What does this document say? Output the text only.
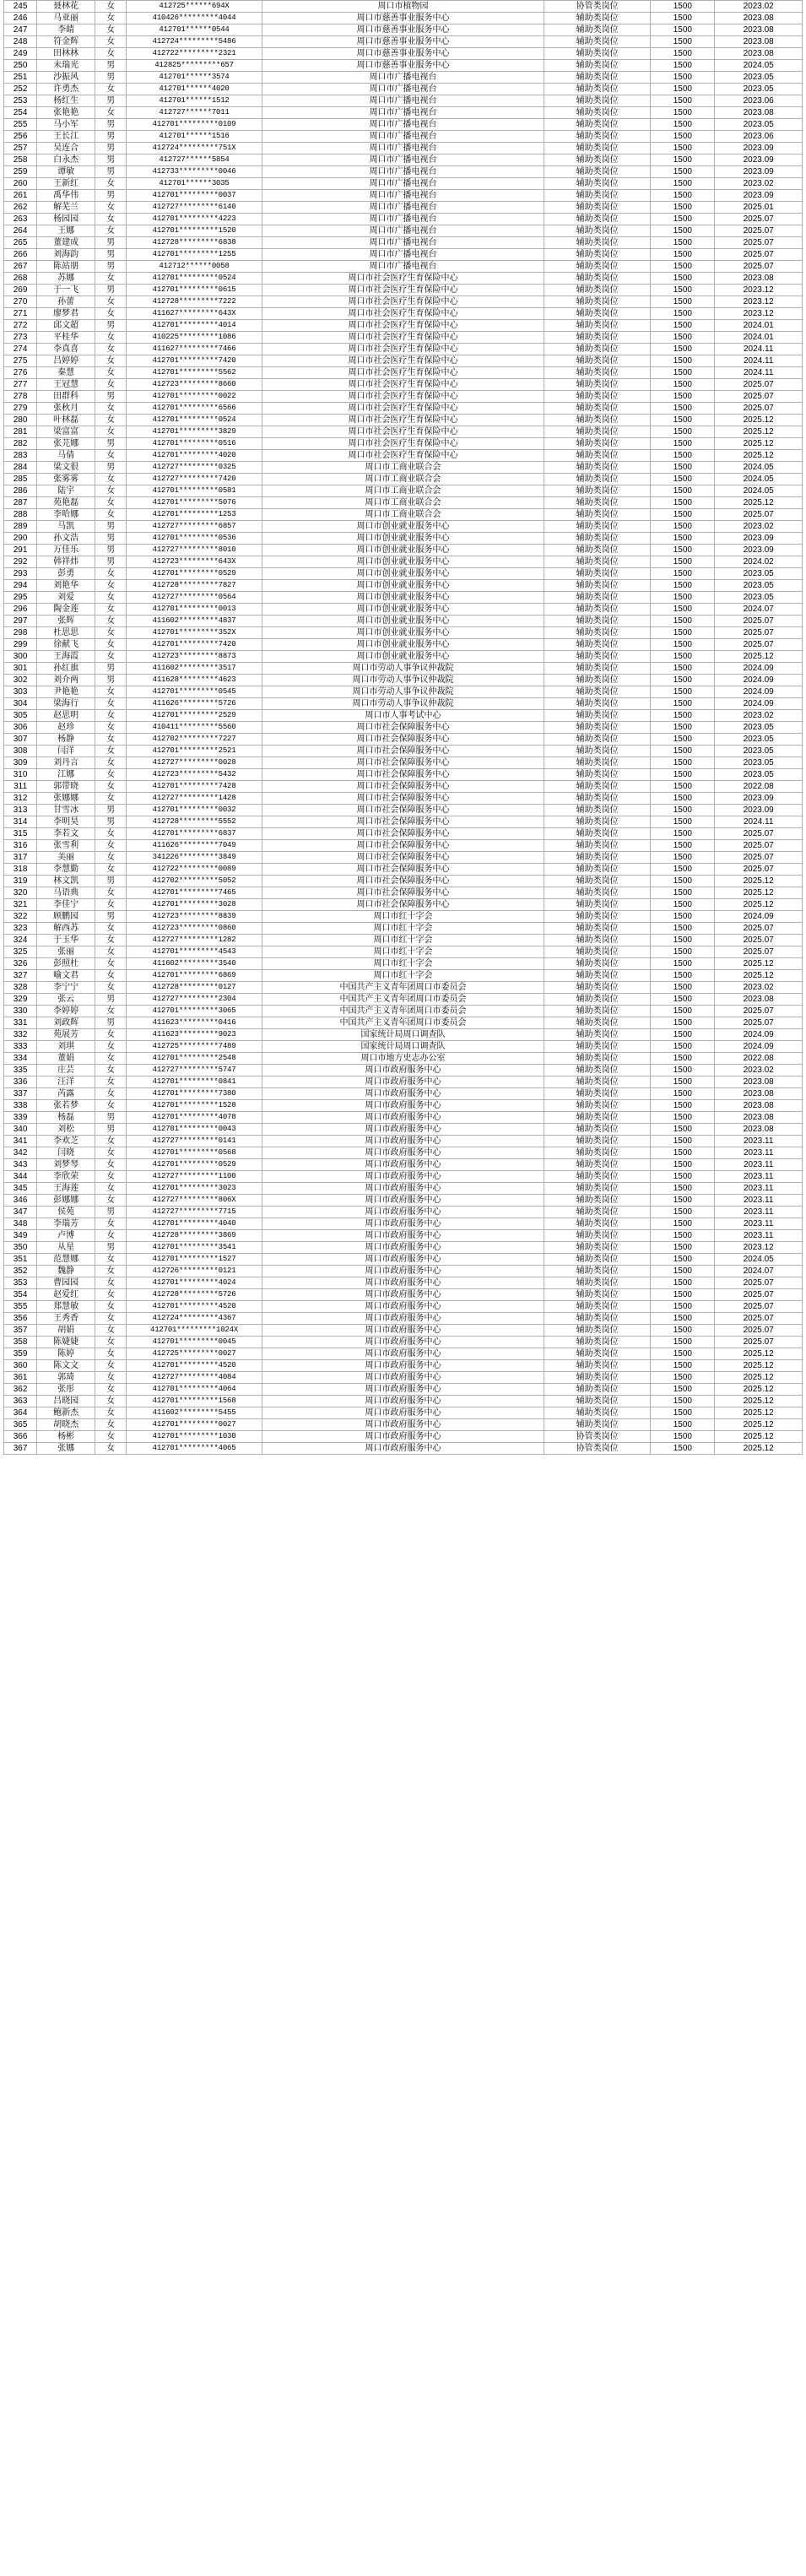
245	聂林花	女	412725******694X	周口市植物园	协管类岗位	1500	2023.02
246	马亚丽	女	410426*********4044	周口市慈善事业服务中心	辅助类岗位	1500	2023.08
247	李皘	女	412701******0544	周口市慈善事业服务中心	辅助类岗位	1500	2023.08
248	符金辉	女	412724*********5486	周口市慈善事业服务中心	辅助类岗位	1500	2023.08
249	田林林	女	412722*********2321	周口市慈善事业服务中心	辅助类岗位	1500	2023.08
250	未瑞光	男	412825*********657	周口市慈善事业服务中心	辅助类岗位	1500	2024.05
251	沙振风	男	412701******3574	周口市广播电视台	辅助类岗位	1500	2023.05
252	许勇杰	女	412701******4020	周口市广播电视台	辅助类岗位	1500	2023.05
253	杨红生	男	412701******1512	周口市广播电视台	辅助类岗位	1500	2023.06
254	张艳艳	女	412727******7011	周口市广播电视台	辅助类岗位	1500	2023.08
255	马小军	男	412701*********0109	周口市广播电视台	辅助类岗位	1500	2023.05
256	王长江	男	412701******1516	周口市广播电视台	辅助类岗位	1500	2023.06
257	吴连合	男	412724*********751X	周口市广播电视台	辅助类岗位	1500	2023.09
258	白永杰	男	412727******5854	周口市广播电视台	辅助类岗位	1500	2023.09
259	谭敏	男	412733*********0046	周口市广播电视台	辅助类岗位	1500	2023.09
260	王新红	女	412701******3035	周口市广播电视台	辅助类岗位	1500	2023.02
261	禹华伟	男	412701*********0037	周口市广播电视台	辅助类岗位	1500	2023.09
262	解芜兰	女	412727*********6140	周口市广播电视台	辅助类岗位	1500	2025.01
263	杨园园	女	412701*********4223	周口市广播电视台	辅助类岗位	1500	2025.07
264	王娜	女	412701*********1520	周口市广播电视台	辅助类岗位	1500	2025.07
265	董建成	男	412728*********6838	周口市广播电视台	辅助类岗位	1500	2025.07
266	刘海韵	男	412701*********1255	周口市广播电视台	辅助类岗位	1500	2025.07
267	陈站朋	男	412712******0058	周口市广播电视台	辅助类岗位	1500	2025.07
268	苏娜	女	412701*********0524	周口市社会医疗生育保险中心	辅助类岗位	1500	2023.08
269	于一飞	男	412701*********0615	周口市社会医疗生育保险中心	辅助类岗位	1500	2023.12
270	孙蕾	女	412728*********7222	周口市社会医疗生育保险中心	辅助类岗位	1500	2023.12
271	廖梦君	女	411627*********643X	周口市社会医疗生育保险中心	辅助类岗位	1500	2023.12
272	邱文超	男	412701*********4014	周口市社会医疗生育保险中心	辅助类岗位	1500	2024.01
273	平桂华	女	410225*********1086	周口市社会医疗生育保险中心	辅助类岗位	1500	2024.01
274	李真喜	女	411627*********7466	周口市社会医疗生育保险中心	辅助类岗位	1500	2024.11
275	吕婷婷	女	412701*********7420	周口市社会医疗生育保险中心	辅助类岗位	1500	2024.11
276	秦慧	女	412701*********5562	周口市社会医疗生育保险中心	辅助类岗位	1500	2024.11
277	王冠慧	女	412723*********8660	周口市社会医疗生育保险中心	辅助类岗位	1500	2025.07
278	田群科	男	412701*********0022	周口市社会医疗生育保险中心	辅助类岗位	1500	2025.07
279	张秋月	女	412701*********6566	周口市社会医疗生育保险中心	辅助类岗位	1500	2025.07
280	叶林磊	女	412701*********0524	周口市社会医疗生育保险中心	辅助类岗位	1500	2025.12
281	梁富富	女	412701*********3829	周口市社会医疗生育保险中心	辅助类岗位	1500	2025.12
282	张芫娜	男	412701*********0516	周口市社会医疗生育保险中心	辅助类岗位	1500	2025.12
283	马倩	女	412701*********4020	周口市社会医疗生育保险中心	辅助类岗位	1500	2025.12
284	梁文很	男	412727*********0325	周口市工商业联合会	辅助类岗位	1500	2024.05
285	张雾雾	女	412727*********7420	周口市工商业联合会	辅助类岗位	1500	2024.05
286	陆宇	女	412701*********0581	周口市工商业联合会	辅助类岗位	1500	2024.05
287	苑艳磊	女	412701*********5076	周口市工商业联合会	辅助类岗位	1500	2025.12
288	李哈娜	女	412701*********1253	周口市工商业联合会	辅助类岗位	1500	2025.07
289	马凯	男	412727*********6857	周口市创业就业服务中心	辅助类岗位	1500	2023.02
290	孙文浩	男	412701*********0536	周口市创业就业服务中心	辅助类岗位	1500	2023.09
291	万佳乐	男	412727*********8010	周口市创业就业服务中心	辅助类岗位	1500	2023.09
292	韩祥炜	男	412723*********643X	周口市创业就业服务中心	辅助类岗位	1500	2024.02
293	彭勇	女	412701*********0529	周口市创业就业服务中心	辅助类岗位	1500	2023.05
294	刘艳华	女	412728*********7827	周口市创业就业服务中心	辅助类岗位	1500	2023.05
295	刘爱	女	412727*********0564	周口市创业就业服务中心	辅助类岗位	1500	2023.05
296	陶金莲	女	412701*********0013	周口市创业就业服务中心	辅助类岗位	1500	2024.07
297	张辉	女	411602*********4837	周口市创业就业服务中心	辅助类岗位	1500	2025.07
298	杜思思	女	412701*********352X	周口市创业就业服务中心	辅助类岗位	1500	2025.07
299	徐献飞	女	412701*********7420	周口市创业就业服务中心	辅助类岗位	1500	2025.07
300	王海霞	女	412723*********8873	周口市创业就业服务中心	辅助类岗位	1500	2025.12
301	孙红旗	男	411602*********3517	周口市劳动人事争议仲裁院	辅助类岗位	1500	2024.09
302	刘介两	男	411628*********4623	周口市劳动人事争议仲裁院	辅助类岗位	1500	2024.09
303	尹艳艳	女	412701*********0545	周口市劳动人事争议仲裁院	辅助类岗位	1500	2024.09
304	梁海行	女	411626*********5726	周口市劳动人事争议仲裁院	辅助类岗位	1500	2024.09
305	赵思明	女	412701*********2529	周口市人事考试中心	辅助类岗位	1500	2023.02
306	赵珍	女	410411*********5560	周口市社会保障服务中心	辅助类岗位	1500	2023.05
307	杨静	女	412702*********7227	周口市社会保障服务中心	辅助类岗位	1500	2023.05
308	闫洋	女	412701*********2521	周口市社会保障服务中心	辅助类岗位	1500	2023.05
309	刘丹言	女	412727*********0028	周口市社会保障服务中心	辅助类岗位	1500	2023.05
310	江娜	女	412723*********5432	周口市社会保障服务中心	辅助类岗位	1500	2023.05
311	郭带晓	女	412701*********7428	周口市社会保障服务中心	辅助类岗位	1500	2022.08
312	张娜娜	女	412727*********1428	周口市社会保障服务中心	辅助类岗位	1500	2023.09
313	甘雪冰	男	412701*********0032	周口市社会保障服务中心	辅助类岗位	1500	2023.09
314	李明昊	男	412728*********5552	周口市社会保障服务中心	辅助类岗位	1500	2024.11
315	李若文	女	412701*********6837	周口市社会保障服务中心	辅助类岗位	1500	2025.07
316	张雪利	女	411626*********7049	周口市社会保障服务中心	辅助类岗位	1500	2025.07
317	美丽	女	341226*********3849	周口市社会保障服务中心	辅助类岗位	1500	2025.07
318	李慧勤	女	412722*********0089	周口市社会保障服务中心	辅助类岗位	1500	2025.07
319	林文凯	男	412702*********5052	周口市社会保障服务中心	辅助类岗位	1500	2025.12
320	马语典	女	412701*********7465	周口市社会保障服务中心	辅助类岗位	1500	2025.12
321	李佳宁	女	412701*********3028	周口市社会保障服务中心	辅助类岗位	1500	2025.12
322	顾鹏园	男	412723*********8839	周口市红十字会	辅助类岗位	1500	2024.09
323	解西苏	女	412723*********0860	周口市红十字会	辅助类岗位	1500	2025.07
324	于玉华	女	412727*********1282	周口市红十字会	辅助类岗位	1500	2025.07
325	张丽	女	412701*********4543	周口市红十字会	辅助类岗位	1500	2025.07
326	彭照杜	女	411602*********3540	周口市红十字会	辅助类岗位	1500	2025.12
327	喻文君	女	412701*********6869	周口市红十字会	辅助类岗位	1500	2025.12
328	李宁宁	女	412728*********0127	中国共产主义青年团周口市委员会	辅助类岗位	1500	2023.02
329	张云	男	412727*********2304	中国共产主义青年团周口市委员会	辅助类岗位	1500	2023.08
330	李婷婷	女	412701*********3065	中国共产主义青年团周口市委员会	辅助类岗位	1500	2025.07
331	刘政辉	男	411623*********0416	中国共产主义青年团周口市委员会	辅助类岗位	1500	2025.07
332	苑展芳	女	411623*********9023	国家统计局周口调查队	辅助类岗位	1500	2024.09
333	刘琪	女	412725*********7489	国家统计局周口调查队	辅助类岗位	1500	2024.09
334	董娟	女	412701*********2548	周口市地方史志办公室	辅助类岗位	1500	2022.08
335	庄芸	女	412727*********5747	周口市政府服务中心	辅助类岗位	1500	2023.02
336	汪洋	女	412701*********0841	周口市政府服务中心	辅助类岗位	1500	2023.08
337	芮露	女	412701*********7380	周口市政府服务中心	辅助类岗位	1500	2023.08
338	张若梦	女	412701*********1528	周口市政府服务中心	辅助类岗位	1500	2023.08
339	杨磊	男	412701*********4078	周口市政府服务中心	辅助类岗位	1500	2023.08
340	刘松	男	412701*********0043	周口市政府服务中心	辅助类岗位	1500	2023.08
341	李欢芝	女	412727*********0141	周口市政府服务中心	辅助类岗位	1500	2023.11
342	闫晓	女	412701*********0568	周口市政府服务中心	辅助类岗位	1500	2023.11
343	刘梦琴	女	412701*********0529	周口市政府服务中心	辅助类岗位	1500	2023.11
344	李欣荣	女	412727*********1100	周口市政府服务中心	辅助类岗位	1500	2023.11
345	王海莲	女	412701*********3023	周口市政府服务中心	辅助类岗位	1500	2023.11
346	彭娜娜	女	412727*********806X	周口市政府服务中心	辅助类岗位	1500	2023.11
347	侯苑	男	412727*********7715	周口市政府服务中心	辅助类岗位	1500	2023.11
348	李瑞芳	女	412701*********4040	周口市政府服务中心	辅助类岗位	1500	2023.11
349	卢博	女	412728*********3869	周口市政府服务中心	辅助类岗位	1500	2023.11
350	从星	男	412701*********3541	周口市政府服务中心	辅助类岗位	1500	2023.12
351	范慧娜	女	412701*********1527	周口市政府服务中心	辅助类岗位	1500	2024.05
352	魏静	女	412726*********0121	周口市政府服务中心	辅助类岗位	1500	2024.07
353	曹园园	女	412701*********4024	周口市政府服务中心	辅助类岗位	1500	2025.07
354	赵爱红	女	412728*********5726	周口市政府服务中心	辅助类岗位	1500	2025.07
355	郑慧敏	女	412701*********4520	周口市政府服务中心	辅助类岗位	1500	2025.07
356	王秀香	女	412724*********4367	周口市政府服务中心	辅助类岗位	1500	2025.07
357	胡娟	女	412701*********1024X	周口市政府服务中心	辅助类岗位	1500	2025.07
358	陈婕婕	女	412701*********0045	周口市政府服务中心	辅助类岗位	1500	2025.07
359	陈婷	女	412725*********0027	周口市政府服务中心	辅助类岗位	1500	2025.12
360	陈文文	女	412701*********4520	周口市政府服务中心	辅助类岗位	1500	2025.12
361	郭琦	女	412727*********4084	周口市政府服务中心	辅助类岗位	1500	2025.12
362	张彤	女	412701*********4064	周口市政府服务中心	辅助类岗位	1500	2025.12
363	吕晓园	女	412701*********1568	周口市政府服务中心	辅助类岗位	1500	2025.12
364	鲍新杰	女	411602*********5455	周口市政府服务中心	辅助类岗位	1500	2025.12
365	胡晓杰	女	412701*********0027	周口市政府服务中心	辅助类岗位	1500	2025.12
366	杨彬	女	412701*********1030	周口市政府服务中心	协管类岗位	1500	2025.12
367	张娜	女	412701*********4065	周口市政府服务中心	协管类岗位	1500	2025.12
